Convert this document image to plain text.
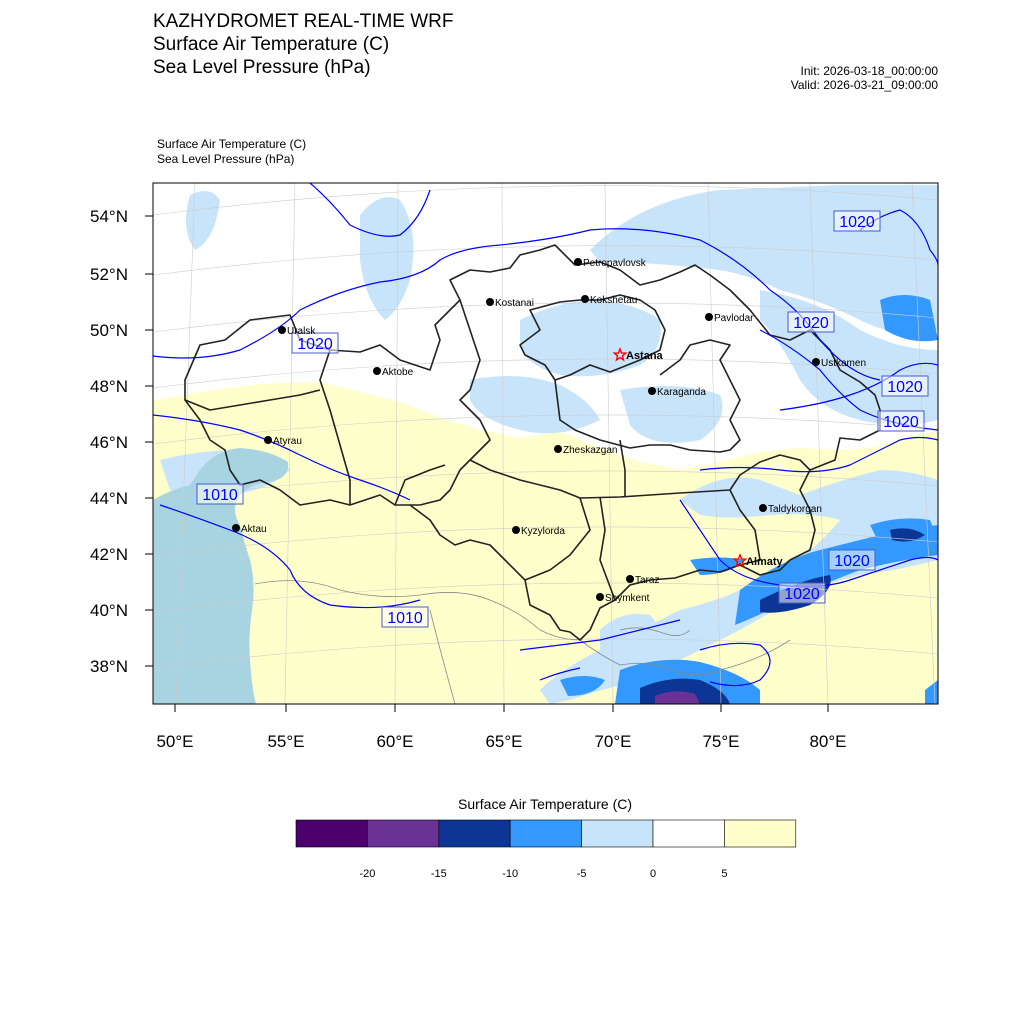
KAZHYDROMET REAL-TIME WRF
Surface Air Temperature (C)
Sea Level Pressure (hPa)	Init: 2026-03-18_00:00:00
Valid: 2026-03-21_09:00:00
Surface Air Temperature (C)
Sea Level Pressure (hPa)
1020
1020
1020
1020
1020
1010
1010
1020
1020
Petropavlovsk
Kostanai	Kokshetau
Pavlodar
Uralsk
Aktobe
Astana
Ustkamen
Karaganda
Atyrau
Zheskazgan
Taldykorgan
Aktau	Kyzylorda
Almaty
Taraz
Shymkent
54°N
52°N
50°N
48°N
46°N
44°N
42°N
40°N
38°N
50°E	55°E	60°E	65°E	70°E	75°E	80°E
-20	-15	-10	-5	0	5
Surface Air Temperature (C)
